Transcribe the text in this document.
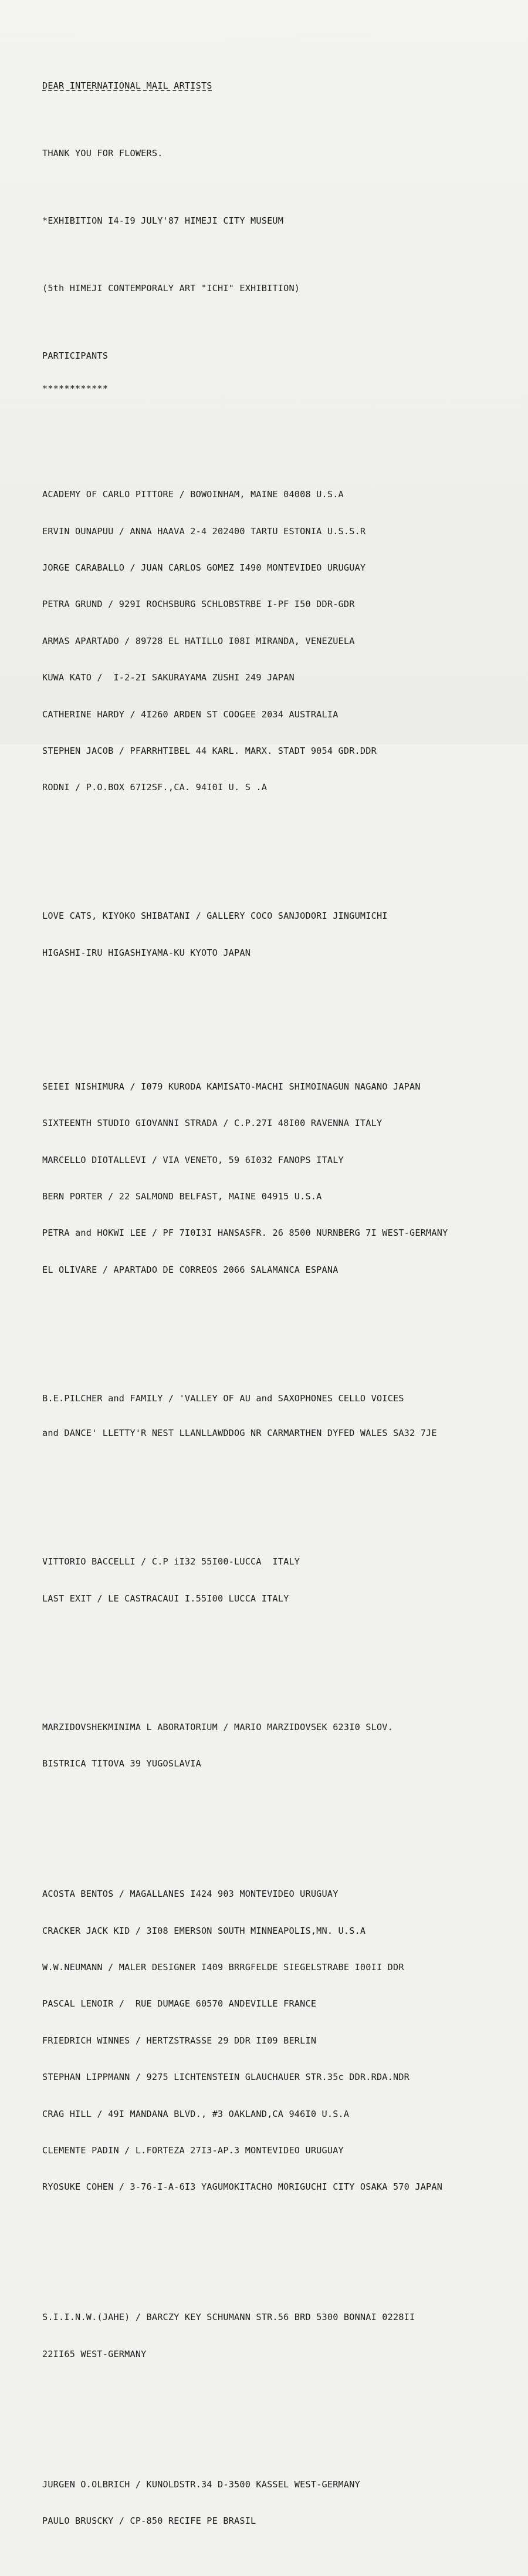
DEAR INTERNATIONAL MAIL ARTISTS

THANK YOU FOR FLOWERS.

*EXHIBITION I4-I9 JULY'87 HIMEJI CITY MUSEUM

(5th HIMEJI CONTEMPORALY ART "ICHI" EXHIBITION)

PARTICIPANTS

************

ACADEMY OF CARLO PITTORE / BOWOINHAM, MAINE 04008 U.S.A

ERVIN OUNAPUU / ANNA HAAVA 2-4 202400 TARTU ESTONIA U.S.S.R

JORGE CARABALLO / JUAN CARLOS GOMEZ I490 MONTEVIDEO URUGUAY

PETRA GRUND / 929I ROCHSBURG SCHLOBSTRBE I-PF I50 DDR-GDR

ARMAS APARTADO / 89728 EL HATILLO I08I MIRANDA, VENEZUELA

KUWA KATO /  I-2-2I SAKURAYAMA ZUSHI 249 JAPAN

CATHERINE HARDY / 4I260 ARDEN ST COOGEE 2034 AUSTRALIA

STEPHEN JACOB / PFARRHTIBEL 44 KARL. MARX. STADT 9054 GDR.DDR

RODNI / P.O.BOX 67I2SF.,CA. 94I0I U. S .A

LOVE CATS, KIYOKO SHIBATANI / GALLERY COCO SANJODORI JINGUMICHI

HIGASHI-IRU HIGASHIYAMA-KU KYOTO JAPAN

SEIEI NISHIMURA / I079 KURODA KAMISATO-MACHI SHIMOINAGUN NAGANO JAPAN

SIXTEENTH STUDIO GIOVANNI STRADA / C.P.27I 48I00 RAVENNA ITALY

MARCELLO DIOTALLEVI / VIA VENETO, 59 6I032 FANOPS ITALY

BERN PORTER / 22 SALMOND BELFAST, MAINE 04915 U.S.A

PETRA and HOKWI LEE / PF 7I0I3I HANSASFR. 26 8500 NURNBERG 7I WEST-GERMANY

EL OLIVARE / APARTADO DE CORREOS 2066 SALAMANCA ESPANA

B.E.PILCHER and FAMILY / 'VALLEY OF AU and SAXOPHONES CELLO VOICES

and DANCE' LLETTY'R NEST LLANLLAWDDOG NR CARMARTHEN DYFED WALES SA32 7JE

VITTORIO BACCELLI / C.P iI32 55I00-LUCCA  ITALY

LAST EXIT / LE CASTRACAUI I.55I00 LUCCA ITALY

MARZIDOVSHEKMINIMA L ABORATORIUM / MARIO MARZIDOVSEK 623I0 SLOV.

BISTRICA TITOVA 39 YUGOSLAVIA

ACOSTA BENTOS / MAGALLANES I424 903 MONTEVIDEO URUGUAY

CRACKER JACK KID / 3I08 EMERSON SOUTH MINNEAPOLIS,MN. U.S.A

W.W.NEUMANN / MALER DESIGNER I409 BRRGFELDE SIEGELSTRABE I00II DDR

PASCAL LENOIR /  RUE DUMAGE 60570 ANDEVILLE FRANCE

FRIEDRICH WINNES / HERTZSTRASSE 29 DDR II09 BERLIN

STEPHAN LIPPMANN / 9275 LICHTENSTEIN GLAUCHAUER STR.35c DDR.RDA.NDR

CRAG HILL / 49I MANDANA BLVD., #3 OAKLAND,CA 946I0 U.S.A

CLEMENTE PADIN / L.FORTEZA 27I3-AP.3 MONTEVIDEO URUGUAY

RYOSUKE COHEN / 3-76-I-A-6I3 YAGUMOKITACHO MORIGUCHI CITY OSAKA 570 JAPAN

S.I.I.N.W.(JAHE) / BARCZY KEY SCHUMANN STR.56 BRD 5300 BONNAI 0228II

22II65 WEST-GERMANY

JURGEN O.OLBRICH / KUNOLDSTR.34 D-3500 KASSEL WEST-GERMANY

PAULO BRUSCKY / CP-850 RECIFE PE BRASIL
